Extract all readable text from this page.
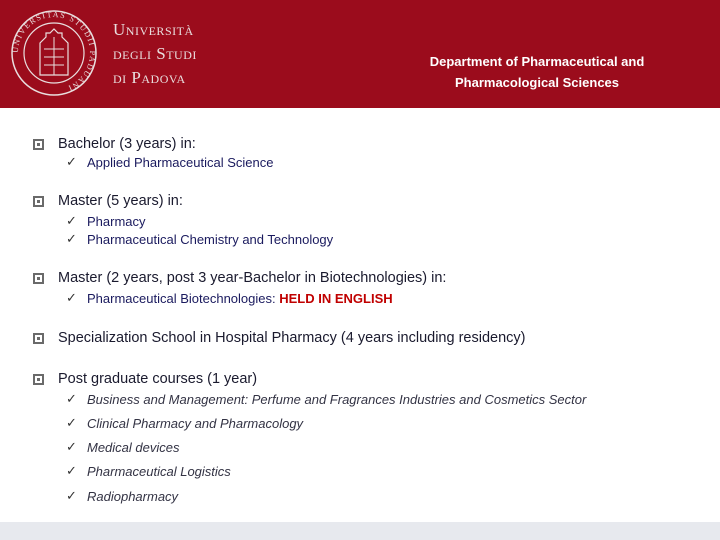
UNIVERSITAS STUDII PADUANI
Università
degli Studi
di Padova
Department of Pharmaceutical and Pharmacological Sciences
Bachelor (3 years) in:
✓ Applied Pharmaceutical Science
Master (5 years) in:
✓ Pharmacy
✓ Pharmaceutical Chemistry and Technology
Master (2 years, post 3 year-Bachelor in Biotechnologies) in:
✓ Pharmaceutical Biotechnologies: HELD IN ENGLISH
Specialization School in Hospital Pharmacy (4 years including residency)
Post graduate courses (1 year)
✓ Business and Management: Perfume and Fragrances Industries and Cosmetics Sector
✓ Clinical Pharmacy and Pharmacology
✓ Medical devices
✓ Pharmaceutical Logistics
✓ Radiopharmacy
